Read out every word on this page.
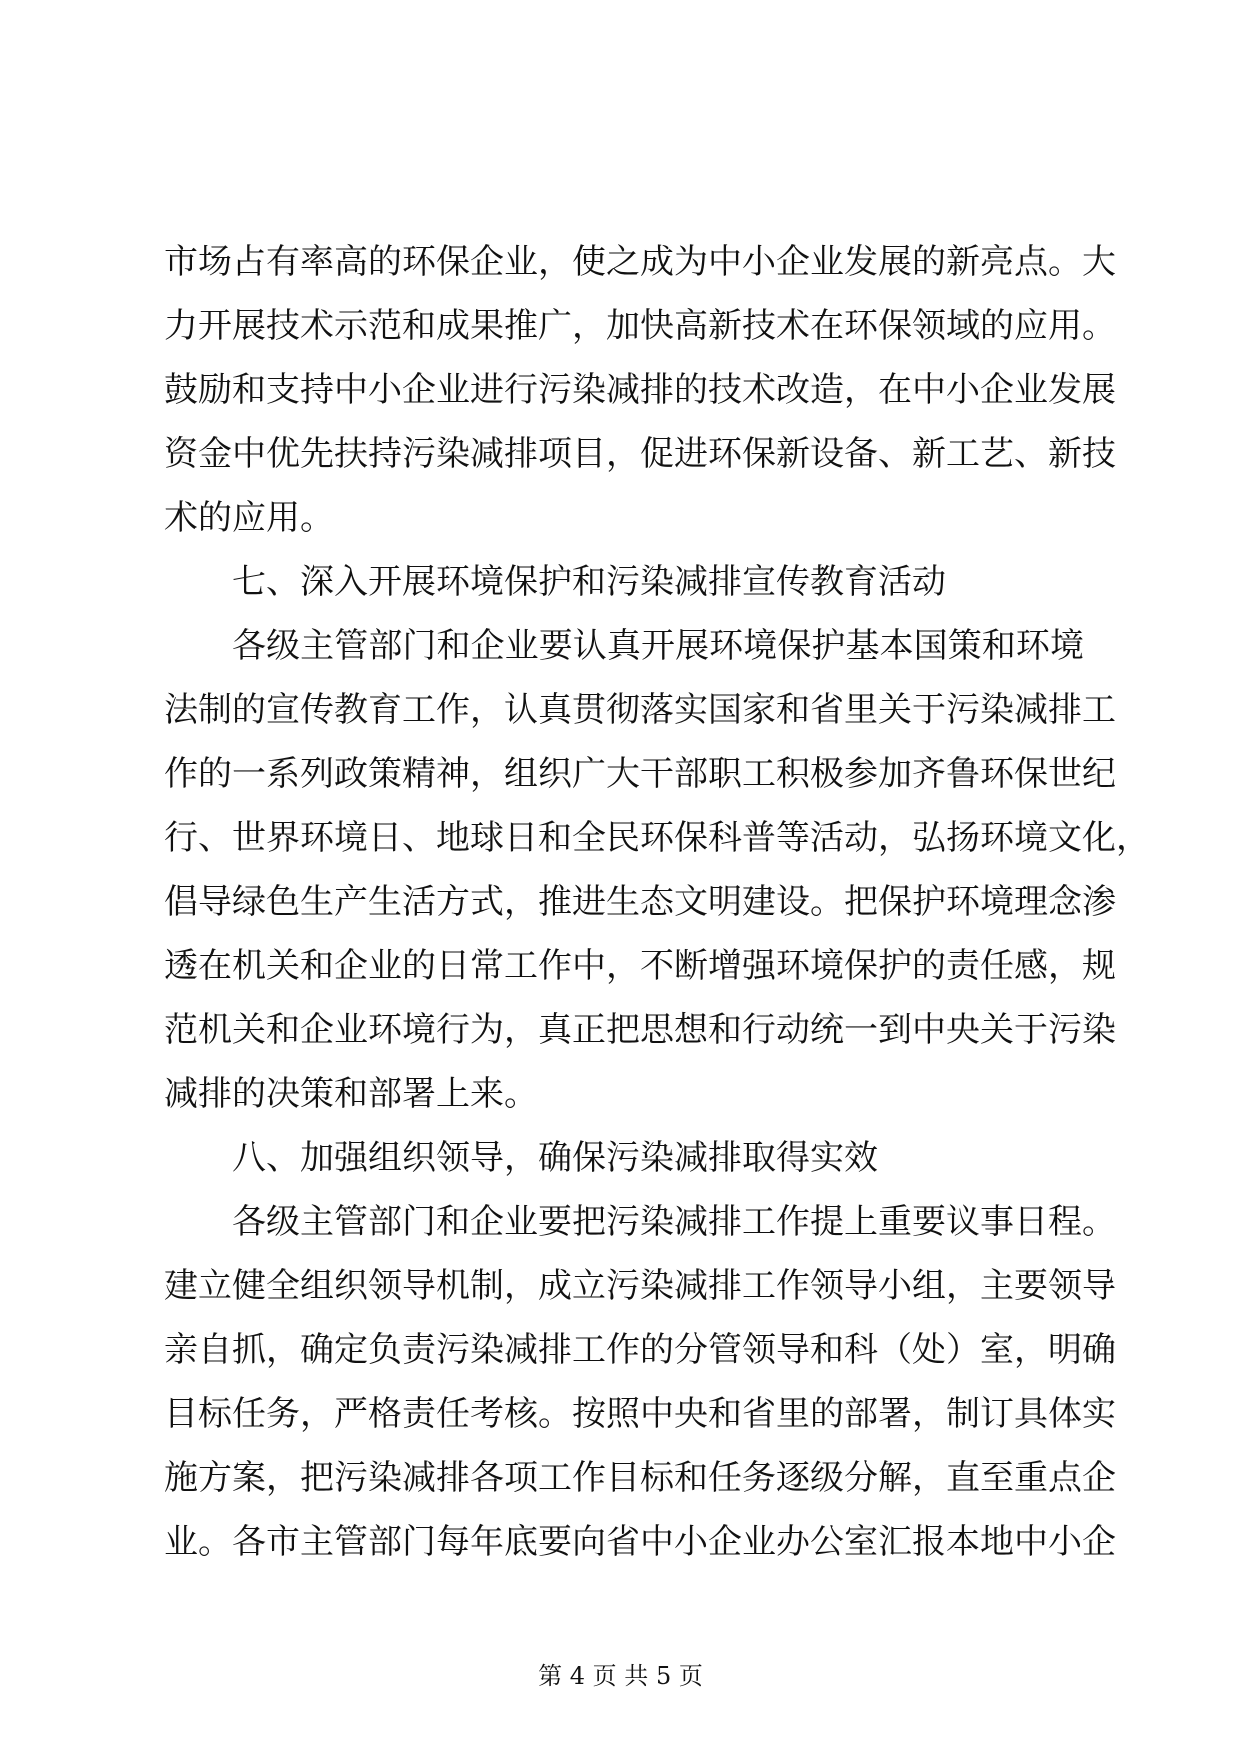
市场占有率高的环保企业，使之成为中小企业发展的新亮点。大
力开展技术示范和成果推广，加快高新技术在环保领域的应用。
鼓励和支持中小企业进行污染减排的技术改造，在中小企业发展
资金中优先扶持污染减排项目，促进环保新设备、新工艺、新技
术的应用。
七、深入开展环境保护和污染减排宣传教育活动
各级主管部门和企业要认真开展环境保护基本国策和环境
法制的宣传教育工作，认真贯彻落实国家和省里关于污染减排工
作的一系列政策精神，组织广大干部职工积极参加齐鲁环保世纪
行、世界环境日、地球日和全民环保科普等活动，弘扬环境文化，
倡导绿色生产生活方式，推进生态文明建设。把保护环境理念渗
透在机关和企业的日常工作中，不断增强环境保护的责任感，规
范机关和企业环境行为，真正把思想和行动统一到中央关于污染
减排的决策和部署上来。
八、加强组织领导，确保污染减排取得实效
各级主管部门和企业要把污染减排工作提上重要议事日程。
建立健全组织领导机制，成立污染减排工作领导小组，主要领导
亲自抓，确定负责污染减排工作的分管领导和科（处）室，明确
目标任务，严格责任考核。按照中央和省里的部署，制订具体实
施方案，把污染减排各项工作目标和任务逐级分解，直至重点企
业。各市主管部门每年底要向省中小企业办公室汇报本地中小企
第 4 页 共 5 页
